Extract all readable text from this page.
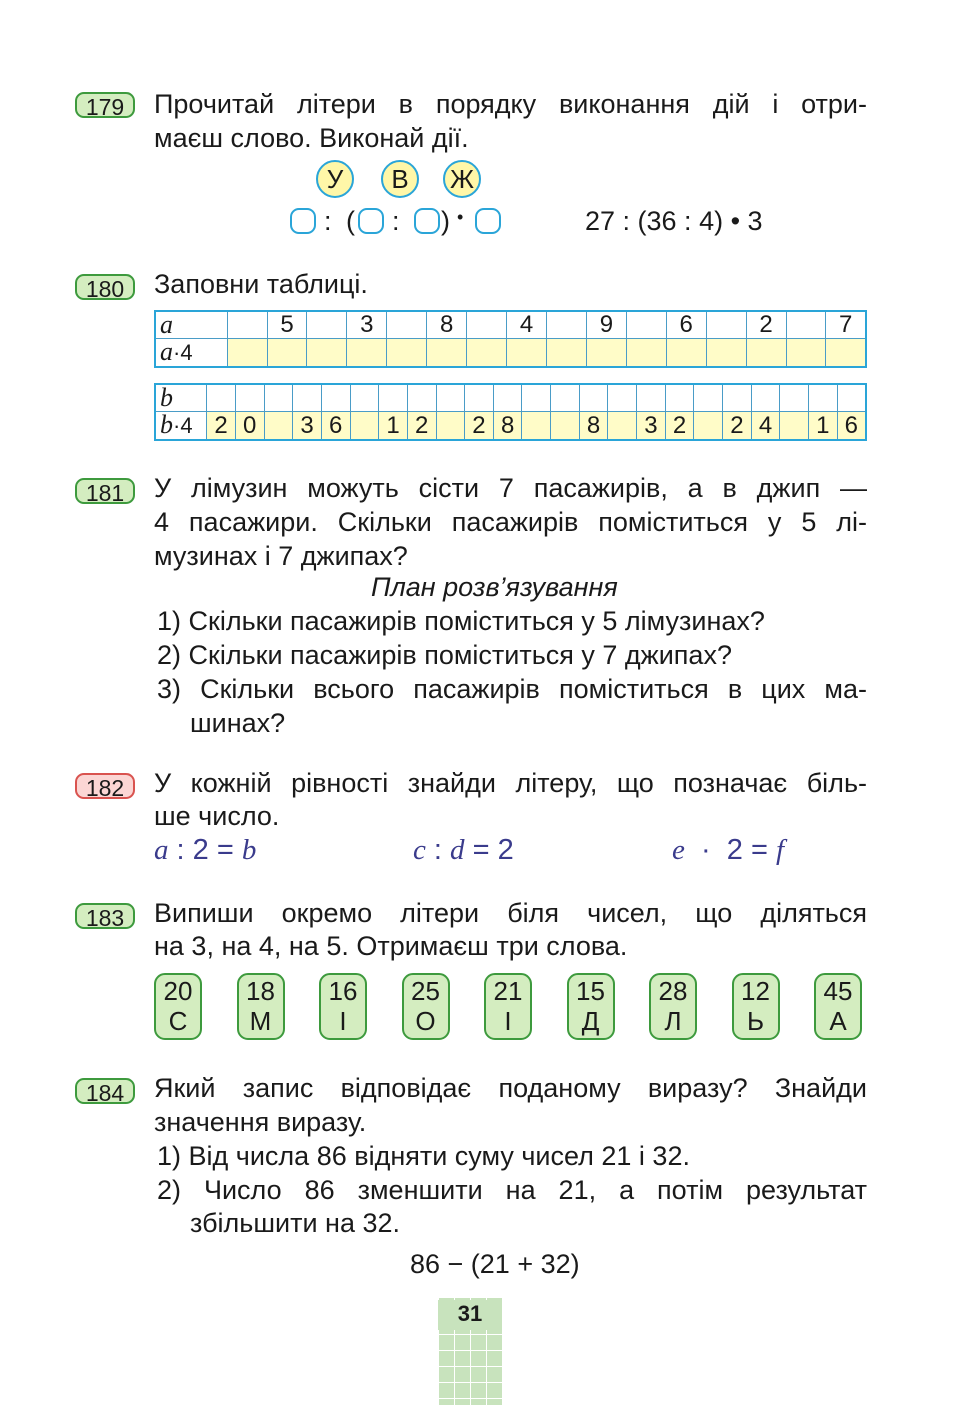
179	Прочитай літери в порядку виконання дій і отри-
маєш слово. Виконай дії.
У	В	Ж
: ( : ) •	27 : (36 : 4) • 3
180	Заповни таблиці.
a		5		3		8		4		9		6		2		7
a·4																
b																							
b·4	2	0		3	6		1	2		2	8			8		3	2		2	4		1	6
181	У лімузин можуть сісти 7 пасажирів, а в джип —
4 пасажири. Скільки пасажирів поміститься у 5 лі-
музинах і 7 джипах?
План розв’язування
1) Скільки пасажирів поміститься у 5 лімузинах?
2) Скільки пасажирів поміститься у 7 джипах?
3) Скільки всього пасажирів поміститься в цих ма-
шинах?
182	У кожній рівності знайди літеру, що позначає біль-
ше число.
a : 2 = b	c : d = 2	e  ·  2 = f
183	Випиши окремо літери біля чисел, що діляться
на 3, на 4, на 5. Отримаєш три слова.
20
С
18
М
16
І
25
О
21
І
15
Д
28
Л
12
Ь
45
А
184	Який запис відповідає поданому виразу? Знайди
значення виразу.
1) Від числа 86 відняти суму чисел 21 і 32.
2) Число 86 зменшити на 21, а потім результат
збільшити на 32.
86 − (21 + 32)
31
